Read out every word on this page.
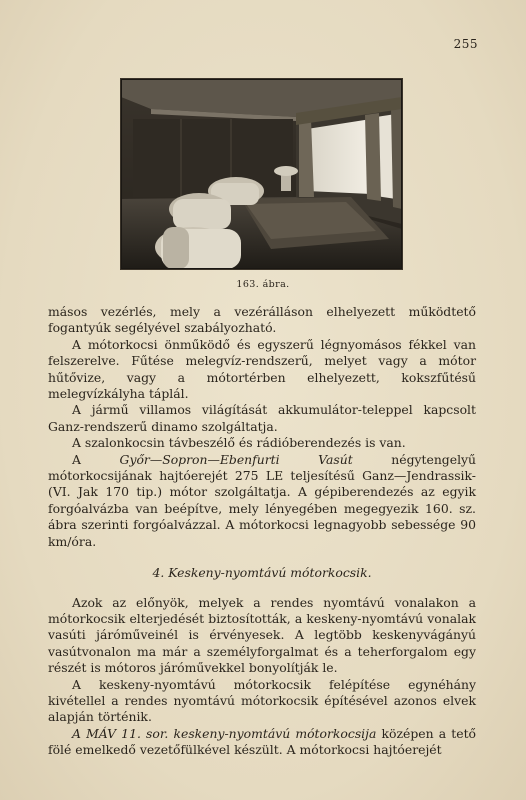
255
163. ábra.

másos vezérlés, mely a vezérálláson elhelyezett működtető fogantyúk segélyével szabályozható.

A mótorkocsi önműködő és egyszerű légnyomásos fékkel van felszerelve. Fűtése melegvíz-rendszerű, melyet vagy a mótor hűtővize, vagy a mótortérben elhelyezett, kokszfűtésű melegvízkályha táplál.

A jármű villamos világítását akkumulátor-teleppel kapcsolt Ganz-rendszerű dinamo szolgáltatja.

A szalonkocsin távbeszélő és rádióberendezés is van.

A Győr—Sopron—Ebenfurti Vasút négytengelyű mótorkocsijának hajtóerejét 275 LE teljesítésű Ganz—Jendrassik- (VI. Jak 170 tip.) mótor szolgáltatja. A gépiberendezés az egyik forgóalvázba van beépítve, mely lényegében megegyezik 160. sz. ábra szerinti forgóalvázzal. A mótorkocsi legnagyobb sebessége 90 km/óra.

4. Keskeny-nyomtávú mótorkocsik.

Azok az előnyök, melyek a rendes nyomtávú vonalakon a mótorkocsik elterjedését biztosították, a keskeny-nyomtávú vonalak vasúti járóműveinél is érvényesek. A legtöbb keskenyvágányú vasútvonalon ma már a személyforgalmat és a teherforgalom egy részét is mótoros járóművekkel bonyolítják le.

A keskeny-nyomtávú mótorkocsik felépítése egynéhány kivétellel a rendes nyomtávú mótorkocsik építésével azonos elvek alapján történik.

A MÁV 11. sor. keskeny-nyomtávú mótorkocsija középen a tető fölé emelkedő vezetőfülkével készült. A mótorkocsi hajtóerejét
